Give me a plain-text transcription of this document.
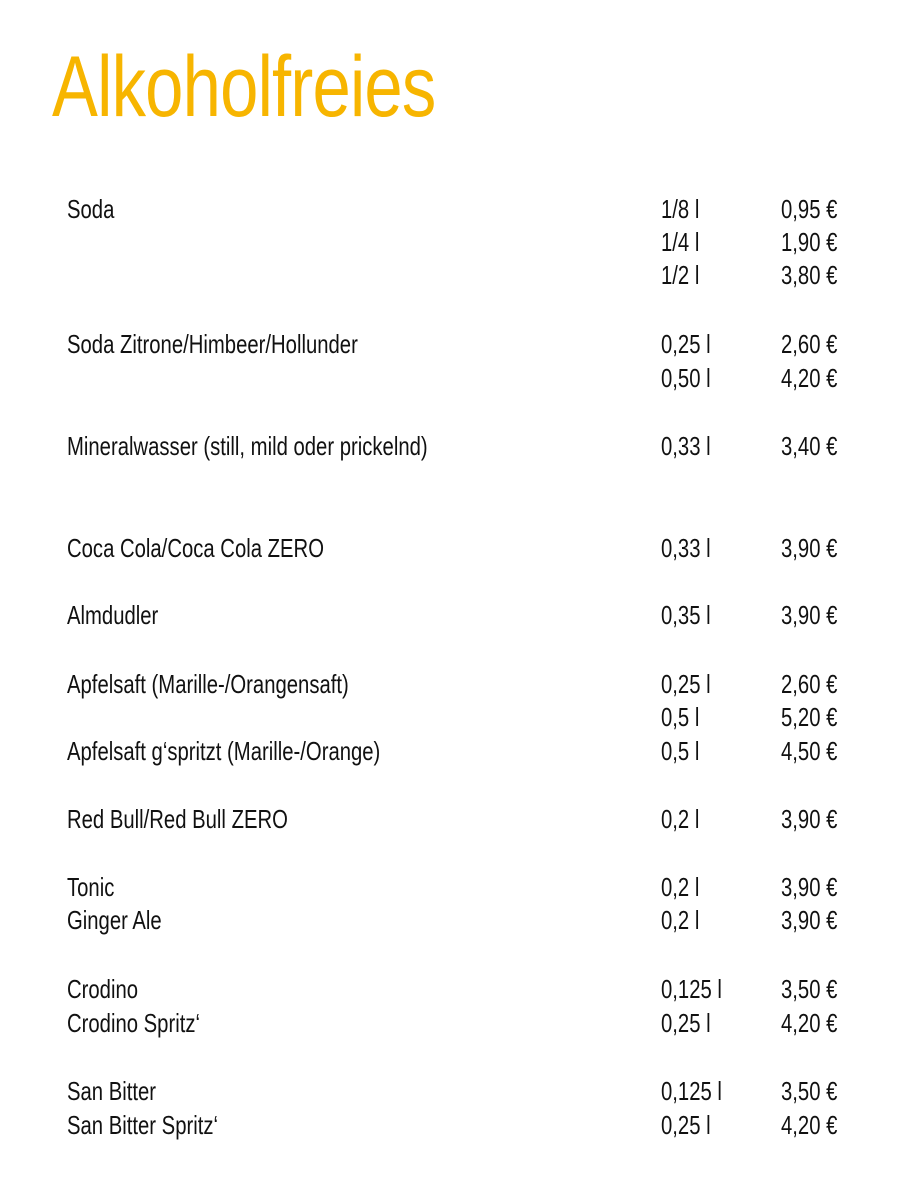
Alkoholfreies
Soda	1/8 l	0,95 €
1/4 l	1,90 €
1/2 l	3,80 €
Soda Zitrone/Himbeer/Hollunder	0,25 l	2,60 €
0,50 l	4,20 €
Mineralwasser (still, mild oder prickelnd)	0,33 l	3,40 €
Coca Cola/Coca Cola ZERO	0,33 l	3,90 €
Almdudler	0,35 l	3,90 €
Apfelsaft (Marille-/Orangensaft)	0,25 l	2,60 €
0,5 l	5,20 €
Apfelsaft g‘spritzt (Marille-/Orange)	0,5 l	4,50 €
Red Bull/Red Bull ZERO	0,2 l	3,90 €
Tonic	0,2 l	3,90 €
Ginger Ale	0,2 l	3,90 €
Crodino	0,125 l 3,50 €
Crodino Spritz‘	0,25 l	4,20 €
San Bitter	0,125 l 3,50 €
San Bitter Spritz‘	0,25 l	4,20 €
